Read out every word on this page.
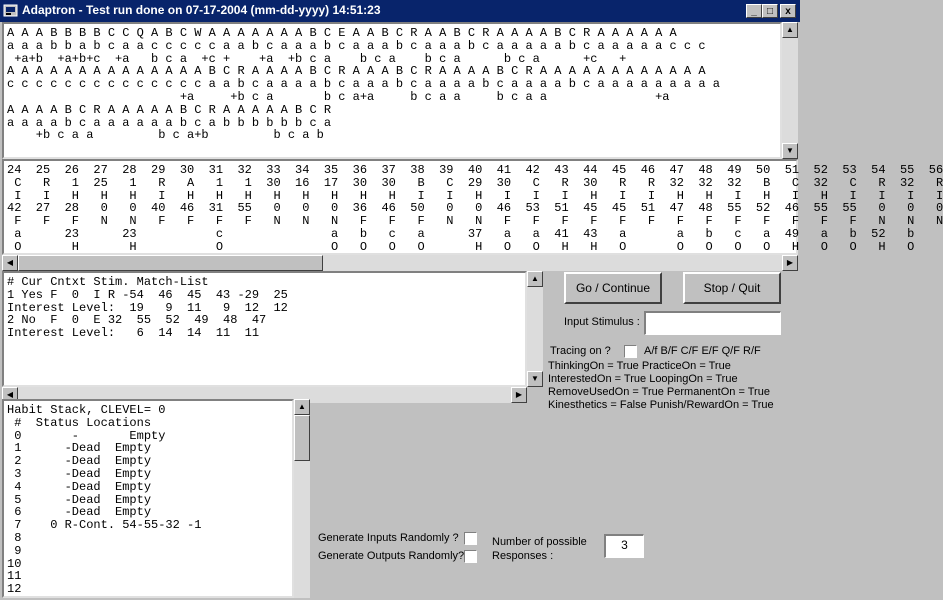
Adaptron - Test run done on 07-17-2004 (mm-dd-yyyy) 14:51:23	_	□	x
A A A B B B B C C Q A B C W A A A A A A A B C E A A B C R A A B C R A A A A B C R A A A A A A
a a a b b a b c a a c c c c c a a b c a a a b c a a a b c a a a b c a a a a a b c a a a a a c c c
+a+b  +a+b+c  +a   b c a  +c +    +a  +b c a    b c a    b c a      b c a      +c   +
A A A A A A A A A A A A A A B C R A A A A B C R A A A B C R A A A A B C R A A A A A A A A A A A A
c c c c c c c c c c c c c c a a b c a a a a b c a a a b c a a a a b c a a a a b c a a a a a a a a a
+a     +b c a       b c a+a     b c a a     b c a a               +a
A A A A B C R A A A A A B C R A A A A A B C R
a a a a b c a a a a a a b c a b b b b b b c a
+b c a a         b c a+b         b c a b
▲
▼
24  25  26  27  28  29  30  31  32  33  34  35  36  37  38  39  40  41  42  43  44  45  46  47  48  49  50  51  52  53  54  55  56
C   R   1  25   1   R   A   1   1  30  16  17  30  30   B   C  29  30   C   R  30   R   R  32  32  32   B   C  32   C   R  32   R
I   I   H   H   H   I   H   H   H   H   H   H   H   H   I   I   H   I   I   I   H   I   I   H   H   I   H   I   H   I   I   I   I
42  27  28   0   0  40  46  31  55   0   0   0  36  46  50   0   0  46  53  51  45  45  51  47  48  55  52  46  55  55   0   0   0
F   F   F   N   N   F   F   F   F   N   N   N   F   F   F   N   N   F   F   F   F   F   F   F   F   F   F   F   F   F   N   N   N
a      23      23           c               a   b   c   a      37   a   a  41  43   a       a   b   c   a  49   a   b  52   b
O       H       H           O               O   O   O   O       H   O   O   H   H   O       O   O   O   O   H   O   O   H   O
◀	▶
# Cur Cntxt Stim. Match-List
1 Yes F  0  I R -54  46  45  43 -29  25
Interest Level:  19   9  11   9  12  12
2 No  F  0  E 32  55  52  49  48  47
Interest Level:   6  14  14  11  11
▲
▼
◀	▶
Habit Stack, CLEVEL= 0
#  Status Locations
0       -       Empty
1      -Dead  Empty
2      -Dead  Empty
3      -Dead  Empty
4      -Dead  Empty
5      -Dead  Empty
6      -Dead  Empty
7    0 R-Cont. 54-55-32 -1
8
9
10
11
12
▲
Go / Continue	Stop / Quit
Input Stimulus :
Tracing on ?	A/f B/F C/F E/F Q/F R/F
ThinkingOn = True PracticeOn = True
InterestedOn = True LoopingOn = True
RemoveUsedOn = True PermanentOn = True
Kinesthetics = False Punish/RewardOn = True
Generate Inputs Randomly ?
Generate Outputs Randomly?
Number of possible
Responses :
3
